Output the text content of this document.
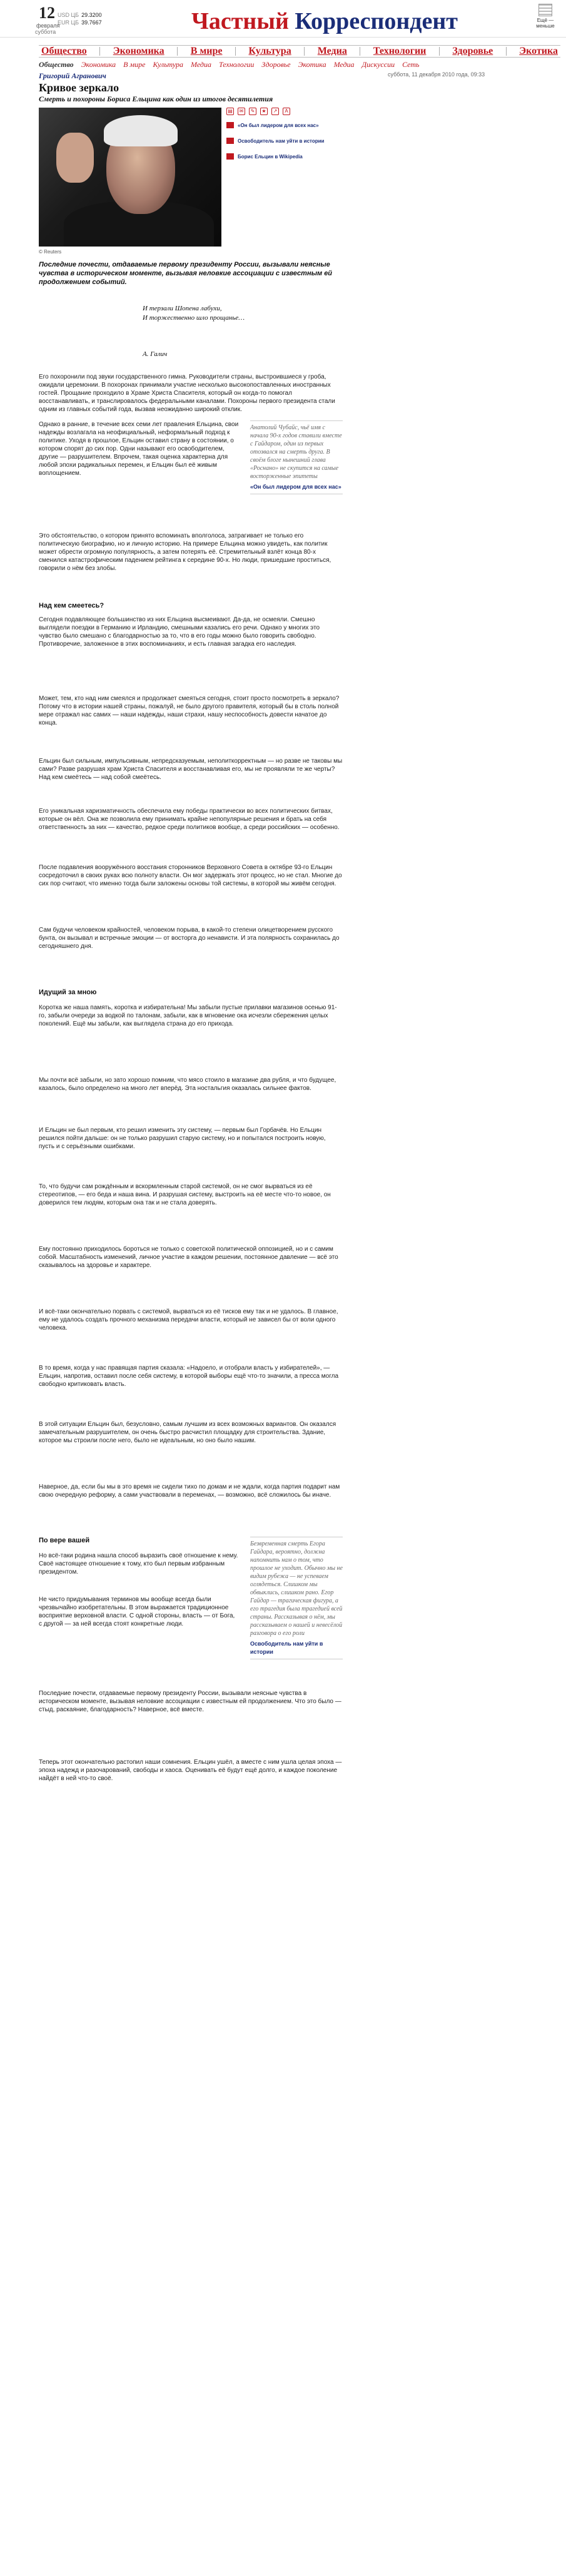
12
февраля
суббота
USD ЦБ 29.3200
EUR ЦБ 39.7667	Частный Корреспондент	Ещё —
меньше
Общество	Экономика	В мире	Культура	Медиа	Технологии	Здоровье	Экотика
Общество Экономика В мире Культура Медиа Технологии Здоровье Экотика Медиа Дискуссии Сеть
Григорий Агранович	суббота, 11 декабря 2010 года, 09:33
Кривое зеркало
Смерть и похороны Бориса Ельцина как один из итогов десятилетия
© Reuters
▤	✉	✎	★	↗	A
«Он был лидером для всех нас»
Освободитель нам уйти в истории
Борис Ельцин в Wikipedia
Последние почести, отдаваемые первому президенту России, вызывали неясные чувства в историческом моменте, вызывая неловкие ассоциации с известным ей продолжением событий.
И терзали Шопена лабухи,
И торжественно шло прощанье…
А. Галич

Его похоронили под звуки государственного гимна. Руководители страны, выстроившиеся у гроба, ожидали церемонии. В похоронах принимали участие несколько высокопоставленных иностранных гостей. Прощание проходило в Храме Христа Спасителя, который он когда-то помогал восстанавливать, и транслировалось федеральными каналами. Похороны первого президента стали одним из главных событий года, вызвав неожиданно широкий отклик.

Анатолий Чубайс, чьё имя с начала 90-х годов ставили вместе с Гайдаром, один из первых отозвался на смерть друга. В своём блоге нынешний глава «Роснано» не скупится на самые восторженные эпитеты
«Он был лидером для всех нас»

Однако в ранние, в течение всех семи лет правления Ельцина, свои надежды возлагала на неофициальный, неформальный подход к политике. Уходя в прошлое, Ельцин оставил страну в состоянии, о котором спорят до сих пор. Одни называют его освободителем, другие — разрушителем. Впрочем, такая оценка характерна для любой эпохи радикальных перемен, и Ельцин был её живым воплощением.

Это обстоятельство, о котором принято вспоминать вполголоса, затрагивает не только его политическую биографию, но и личную историю. На примере Ельцина можно увидеть, как политик может обрести огромную популярность, а затем потерять её. Стремительный взлёт конца 80-х сменился катастрофическим падением рейтинга к середине 90-х. Но люди, пришедшие проститься, говорили о нём без злобы.

Над кем смеетесь?

Сегодня подавляющее большинство из них Ельцина высмеивают. Да-да, не осмеяли. Смешно выглядели поездки в Германию и Ирландию, смешными казались его речи. Однако у многих это чувство было смешано с благодарностью за то, что в его годы можно было говорить свободно. Противоречие, заложенное в этих воспоминаниях, и есть главная загадка его наследия.

Может, тем, кто над ним смеялся и продолжает смеяться сегодня, стоит просто посмотреть в зеркало? Потому что в истории нашей страны, пожалуй, не было другого правителя, который бы в столь полной мере отражал нас самих — наши надежды, наши страхи, нашу неспособность довести начатое до конца.

Ельцин был сильным, импульсивным, непредсказуемым, неполиткорректным — но разве не таковы мы сами? Разве разрушая храм Христа Спасителя и восстанавливая его, мы не проявляли те же черты? Над кем смеётесь — над собой смеётесь.

Его уникальная харизматичность обеспечила ему победы практически во всех политических битвах, которые он вёл. Она же позволила ему принимать крайне непопулярные решения и брать на себя ответственность за них — качество, редкое среди политиков вообще, а среди российских — особенно.

После подавления вооружённого восстания сторонников Верховного Совета в октябре 93-го Ельцин сосредоточил в своих руках всю полноту власти. Он мог задержать этот процесс, но не стал. Многие до сих пор считают, что именно тогда были заложены основы той системы, в которой мы живём сегодня.

Сам будучи человеком крайностей, человеком порыва, в какой-то степени олицетворением русского бунта, он вызывал и встречные эмоции — от восторга до ненависти. И эта полярность сохранилась до сегодняшнего дня.

Идущий за мною

Коротка же наша память, коротка и избирательна! Мы забыли пустые прилавки магазинов осенью 91-го, забыли очереди за водкой по талонам, забыли, как в мгновение ока исчезли сбережения целых поколений. Ещё мы забыли, как выглядела страна до его прихода.

Мы почти всё забыли, но зато хорошо помним, что мясо стоило в магазине два рубля, и что будущее, казалось, было определено на много лет вперёд. Эта ностальгия оказалась сильнее фактов.

И Ельцин не был первым, кто решил изменить эту систему, — первым был Горбачёв. Но Ельцин решился пойти дальше: он не только разрушил старую систему, но и попытался построить новую, пусть и с серьёзными ошибками.

То, что будучи сам рождённым и вскормленным старой системой, он не смог вырваться из её стереотипов, — его беда и наша вина. И разрушая систему, выстроить на её месте что-то новое, он доверился тем людям, которым она так и не стала доверять.

Ему постоянно приходилось бороться не только с советской политической оппозицией, но и с самим собой. Масштабность изменений, личное участие в каждом решении, постоянное давление — всё это сказывалось на здоровье и характере.

И всё-таки окончательно порвать с системой, вырваться из её тисков ему так и не удалось. В главное, ему не удалось создать прочного механизма передачи власти, который не зависел бы от воли одного человека.

В то время, когда у нас правящая партия сказала: «Надоело, и отобрали власть у избирателей», — Ельцин, напротив, оставил после себя систему, в которой выборы ещё что-то значили, а пресса могла свободно критиковать власть.

В этой ситуации Ельцин был, безусловно, самым лучшим из всех возможных вариантов. Он оказался замечательным разрушителем, он очень быстро расчистил площадку для строительства. Здание, которое мы строили после него, было не идеальным, но оно было нашим.

Наверное, да, если бы мы в это время не сидели тихо по домам и не ждали, когда партия подарит нам свою очередную реформу, а сами участвовали в переменах, — возможно, всё сложилось бы иначе.

По вере вашей	Безвременная смерть Егора Гайдара, вероятно, должна напомнить нам о том, что прошлое не уходит. Обычно мы не видим рубежа — не успеваем оглядеться. Слишком мы обвыклись, слишком рано. Егор Гайдар — трагическая фигура, а его трагедия была трагедией всей страны. Рассказывая о нём, мы рассказываем о нашей и невесёлой разговора о его роли
Освободитель нам уйти в истории

Но всё-таки родина нашла способ выразить своё отношение к нему. Своё настоящее отношение к тому, кто был первым избранным президентом.

Не чисто придумывания терминов мы вообще всегда были чрезвычайно изобретательны. В этом выражается традиционное восприятие верховной власти. С одной стороны, власть — от Бога, с другой — за ней всегда стоят конкретные люди.

Последние почести, отдаваемые первому президенту России, вызывали неясные чувства в историческом моменте, вызывая неловкие ассоциации с известным ей продолжением. Что это было — стыд, раскаяние, благодарность? Наверное, всё вместе.

Теперь этот окончательно растопил наши сомнения. Ельцин ушёл, а вместе с ним ушла целая эпоха — эпоха надежд и разочарований, свободы и хаоса. Оценивать её будут ещё долго, и каждое поколение найдёт в ней что-то своё.
